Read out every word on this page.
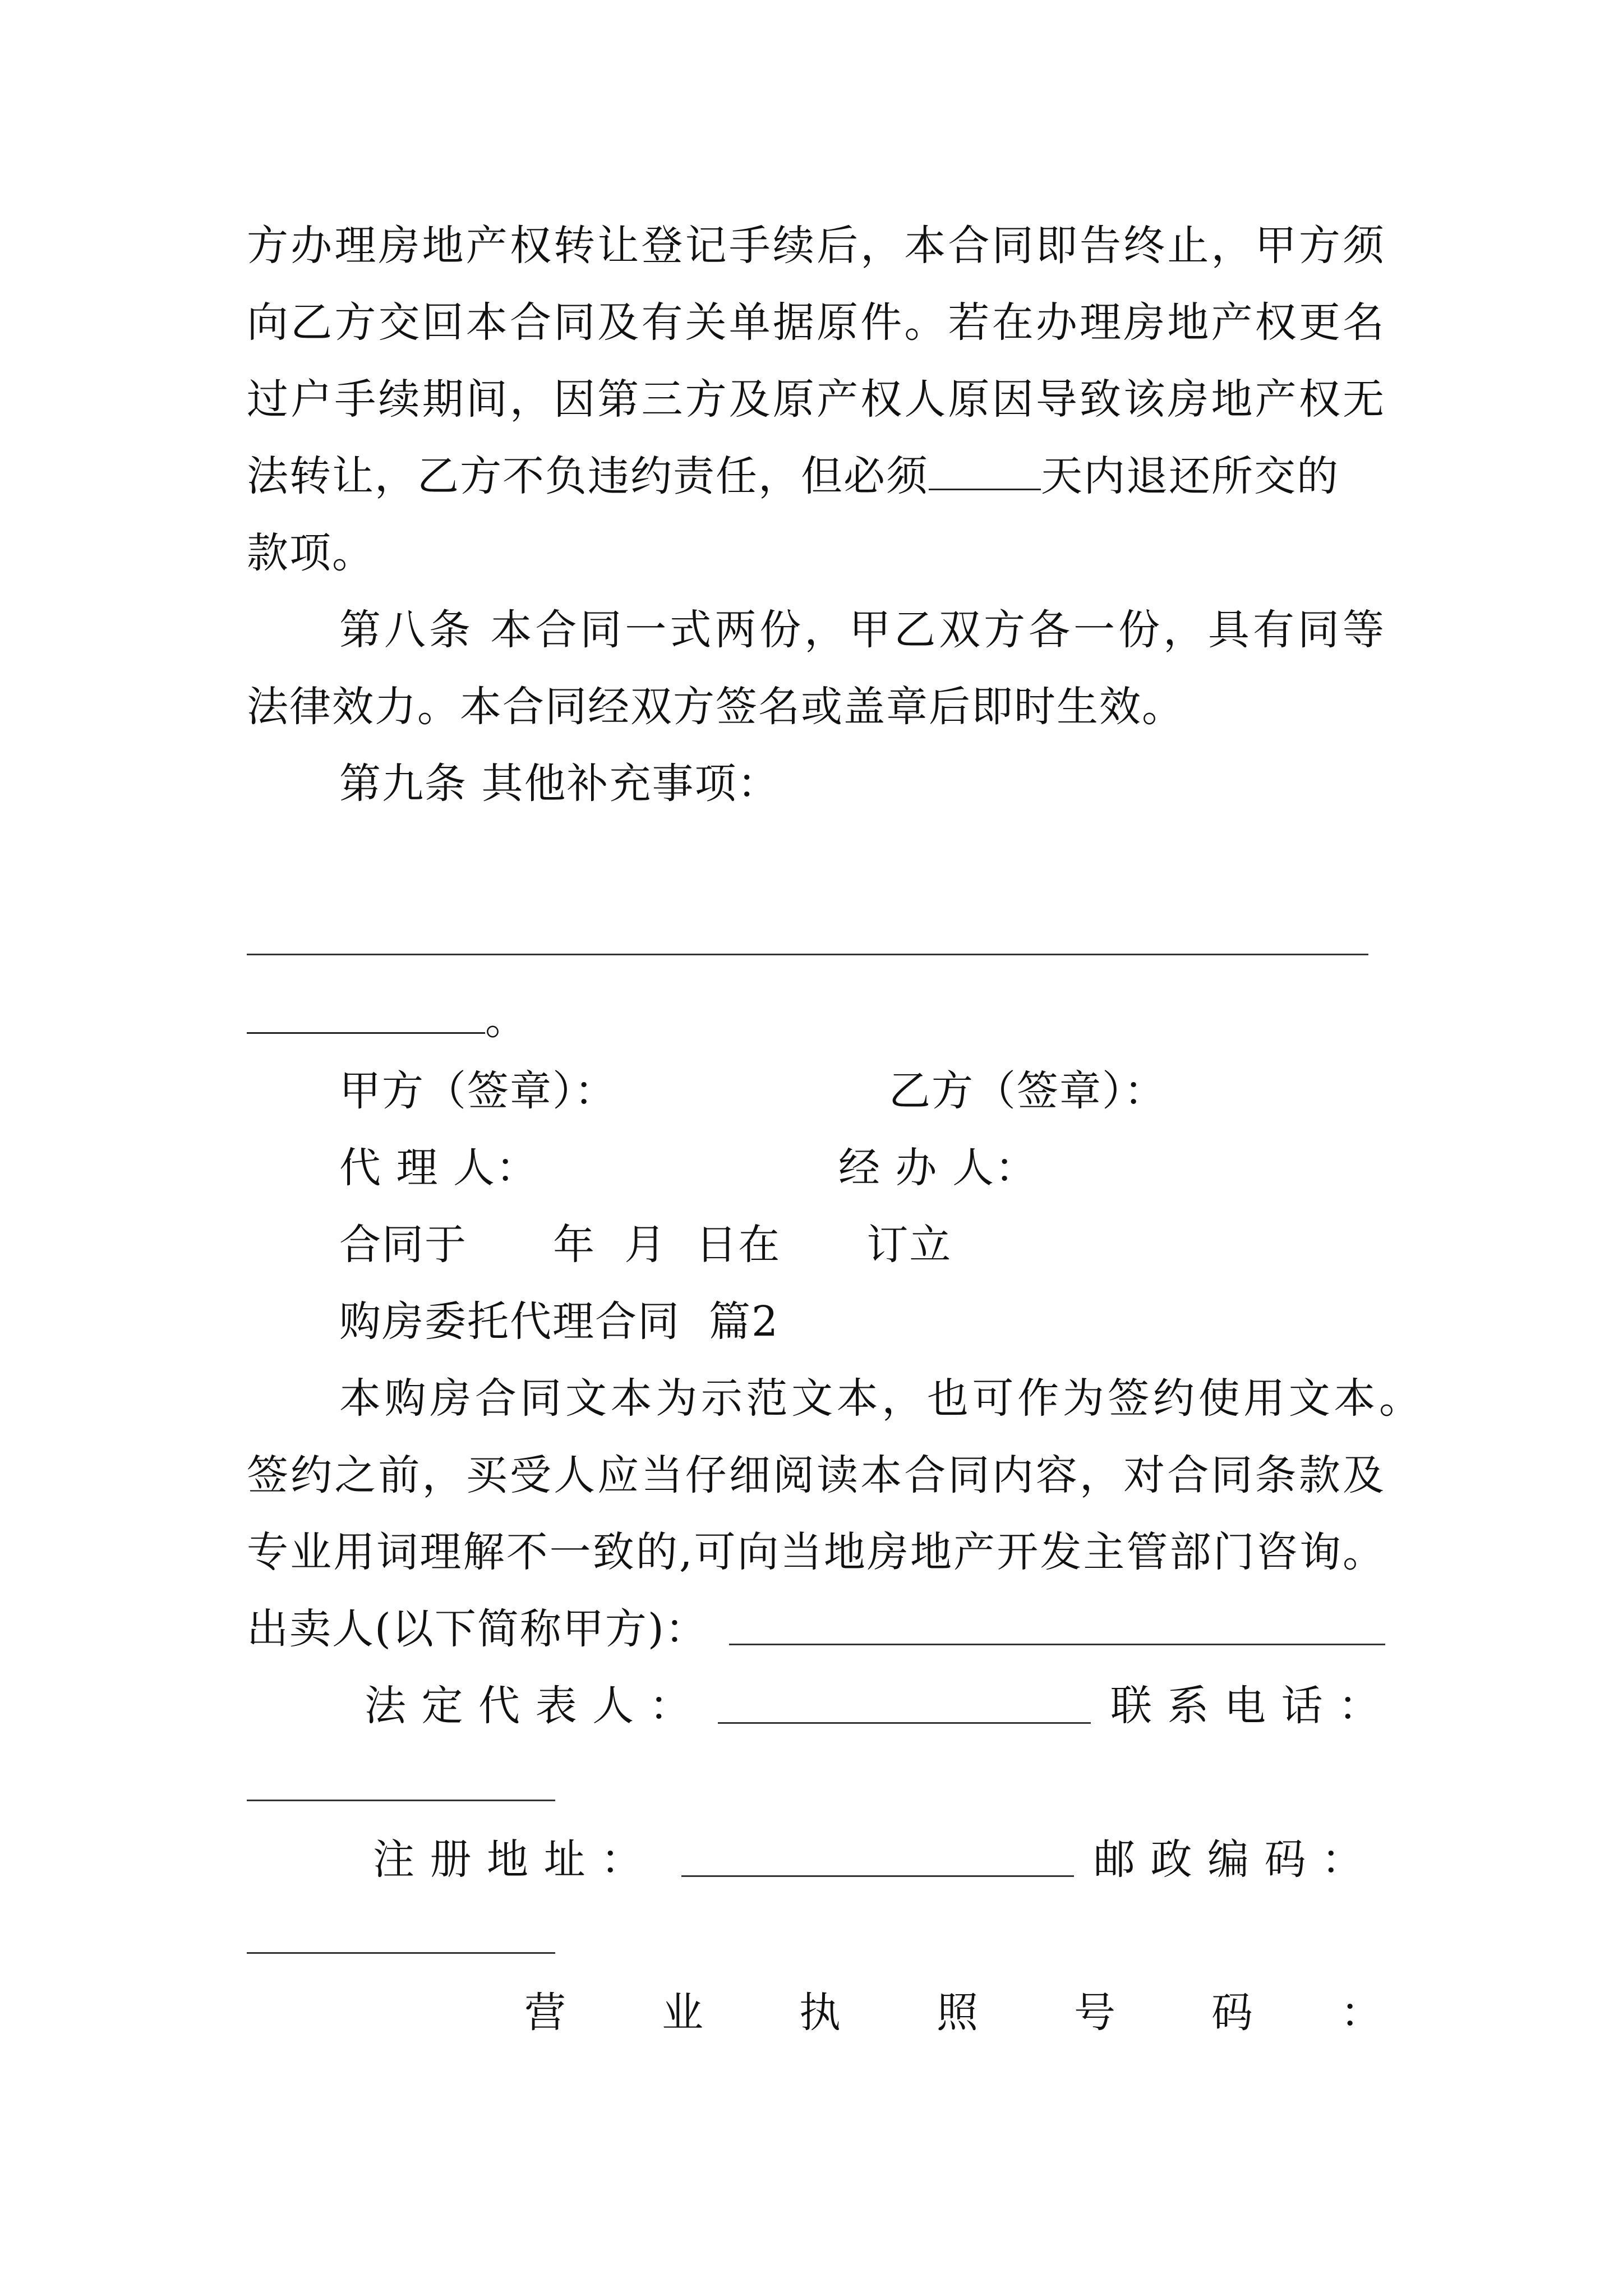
方办理房地产权转让登记手续后，本合同即告终止，甲方须
向乙方交回本合同及有关单据原件。若在办理房地产权更名
过户手续期间，因第三方及原产权人原因导致该房地产权无
法转让，乙方不负违约责任，但必须	天内退还所交的
款项。
第八条 本合同一式两份，甲乙双方各一份，具有同等
法律效力。本合同经双方签名或盖章后即时生效。
第九条 其他补充事项：
。
甲方（签章）：	乙方（签章）：
代 理 人：	经 办 人：
合同于      年  月  日在      订立
购房委托代理合同  篇2
本购房合同文本为示范文本，也可作为签约使用文本。
签约之前，买受人应当仔细阅读本合同内容，对合同条款及
专业用词理解不一致的,可向当地房地产开发主管部门咨询。
出卖人(以下简称甲方)：
法 定 代 表 人 ：	联 系 电 话 ：
注 册 地 址 ：	邮 政 编 码 ：
营 业 执 照 号 码 ：
